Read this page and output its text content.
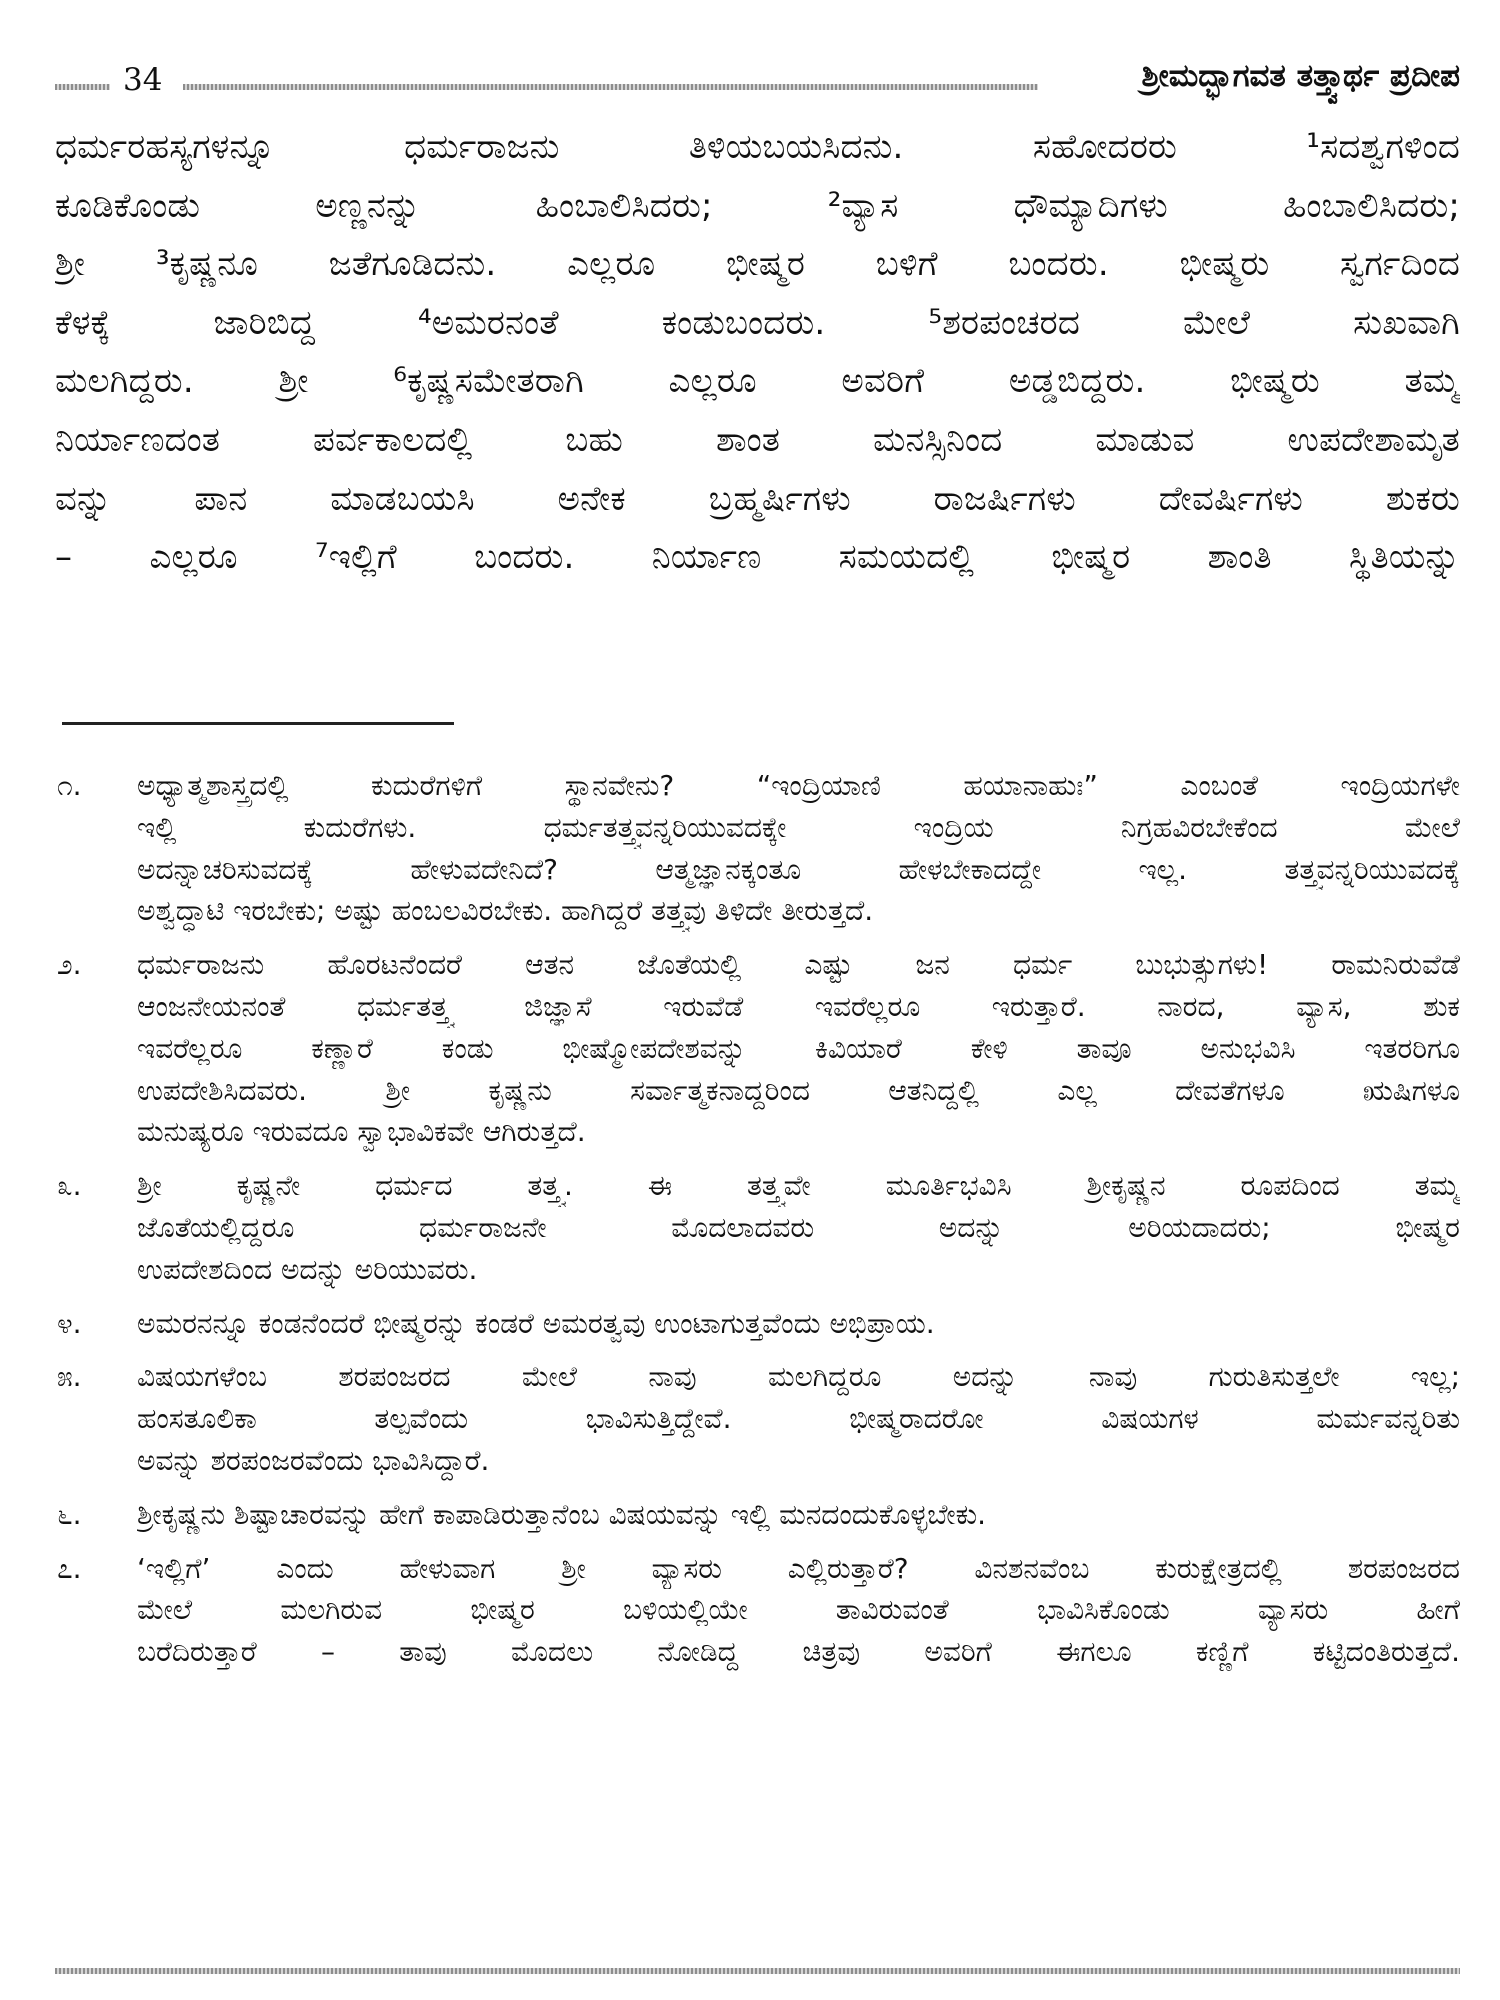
34	ಶ್ರೀಮದ್ಭಾಗವತ ತತ್ತ್ವಾರ್ಥ ಪ್ರದೀಪ
ಧರ್ಮರಹಸ್ಯಗಳನ್ನೂ ಧರ್ಮರಾಜನು ತಿಳಿಯಬಯಸಿದನು. ಸಹೋದರರು ¹ಸದಶ್ವಗಳಿಂದ
ಕೂಡಿಕೊಂಡು ಅಣ್ಣನನ್ನು ಹಿಂಬಾಲಿಸಿದರು; ²ವ್ಯಾಸ ಧೌಮ್ಯಾದಿಗಳು ಹಿಂಬಾಲಿಸಿದರು;
ಶ್ರೀ ³ಕೃಷ್ಣನೂ ಜತೆಗೂಡಿದನು. ಎಲ್ಲರೂ ಭೀಷ್ಮರ ಬಳಿಗೆ ಬಂದರು. ಭೀಷ್ಮರು ಸ್ವರ್ಗದಿಂದ
ಕೆಳಕ್ಕೆ ಜಾರಿಬಿದ್ದ ⁴ಅಮರನಂತೆ ಕಂಡುಬಂದರು. ⁵ಶರಪಂಚರದ ಮೇಲೆ ಸುಖವಾಗಿ
ಮಲಗಿದ್ದರು. ಶ್ರೀ ⁶ಕೃಷ್ಣಸಮೇತರಾಗಿ ಎಲ್ಲರೂ ಅವರಿಗೆ ಅಡ್ಡಬಿದ್ದರು. ಭೀಷ್ಮರು ತಮ್ಮ
ನಿರ್ಯಾಣದಂತ ಪರ್ವಕಾಲದಲ್ಲಿ ಬಹು ಶಾಂತ ಮನಸ್ಸಿನಿಂದ ಮಾಡುವ ಉಪದೇಶಾಮೃತ
ವನ್ನು ಪಾನ ಮಾಡಬಯಸಿ ಅನೇಕ ಬ್ರಹ್ಮರ್ಷಿಗಳು ರಾಜರ್ಷಿಗಳು ದೇವರ್ಷಿಗಳು ಶುಕರು
– ಎಲ್ಲರೂ ⁷ಇಲ್ಲಿಗೆ ಬಂದರು. ನಿರ್ಯಾಣ ಸಮಯದಲ್ಲಿ ಭೀಷ್ಮರ ಶಾಂತಿ ಸ್ಥಿತಿಯನ್ನು
೧.	ಅಧ್ಯಾತ್ಮಶಾಸ್ತ್ರದಲ್ಲಿ ಕುದುರೆಗಳಿಗೆ ಸ್ಥಾನವೇನು? “ಇಂದ್ರಿಯಾಣಿ ಹಯಾನಾಹುಃ” ಎಂಬಂತೆ ಇಂದ್ರಿಯಗಳೇ
ಇಲ್ಲಿ ಕುದುರೆಗಳು. ಧರ್ಮತತ್ತ್ವವನ್ನರಿಯುವದಕ್ಕೇ ಇಂದ್ರಿಯ ನಿಗ್ರಹವಿರಬೇಕೆಂದ ಮೇಲೆ
ಅದನ್ನಾಚರಿಸುವದಕ್ಕೆ ಹೇಳುವದೇನಿದೆ? ಆತ್ಮಜ್ಞಾನಕ್ಕಂತೂ ಹೇಳಬೇಕಾದದ್ದೇ ಇಲ್ಲ. ತತ್ತ್ವವನ್ನರಿಯುವದಕ್ಕೆ
ಅಶ್ವದ್ಧಾಟಿ ಇರಬೇಕು; ಅಷ್ಟು ಹಂಬಲವಿರಬೇಕು. ಹಾಗಿದ್ದರೆ ತತ್ತ್ವವು ತಿಳಿದೇ ತೀರುತ್ತದೆ.
೨.	ಧರ್ಮರಾಜನು ಹೊರಟನೆಂದರೆ ಆತನ ಜೊತೆಯಲ್ಲಿ ಎಷ್ಟು ಜನ ಧರ್ಮ ಬುಭುತ್ಸುಗಳು! ರಾಮನಿರುವೆಡೆ
ಆಂಜನೇಯನಂತೆ ಧರ್ಮತತ್ತ್ವ ಜಿಜ್ಞಾಸೆ ಇರುವೆಡೆ ಇವರೆಲ್ಲರೂ ಇರುತ್ತಾರೆ. ನಾರದ, ವ್ಯಾಸ, ಶುಕ
ಇವರೆಲ್ಲರೂ ಕಣ್ಣಾರೆ ಕಂಡು ಭೀಷ್ಮೋಪದೇಶವನ್ನು ಕಿವಿಯಾರೆ ಕೇಳಿ ತಾವೂ ಅನುಭವಿಸಿ ಇತರರಿಗೂ
ಉಪದೇಶಿಸಿದವರು. ಶ್ರೀ ಕೃಷ್ಣನು ಸರ್ವಾತ್ಮಕನಾದ್ದರಿಂದ ಆತನಿದ್ದಲ್ಲಿ ಎಲ್ಲ ದೇವತೆಗಳೂ ಋಷಿಗಳೂ
ಮನುಷ್ಯರೂ ಇರುವದೂ ಸ್ವಾಭಾವಿಕವೇ ಆಗಿರುತ್ತದೆ.
೩.	ಶ್ರೀ ಕೃಷ್ಣನೇ ಧರ್ಮದ ತತ್ತ್ವ. ಈ ತತ್ತ್ವವೇ ಮೂರ್ತಿಭವಿಸಿ ಶ್ರೀಕೃಷ್ಣನ ರೂಪದಿಂದ ತಮ್ಮ
ಜೊತೆಯಲ್ಲಿದ್ದರೂ ಧರ್ಮರಾಜನೇ ಮೊದಲಾದವರು ಅದನ್ನು ಅರಿಯದಾದರು; ಭೀಷ್ಮರ
ಉಪದೇಶದಿಂದ ಅದನ್ನು ಅರಿಯುವರು.
೪.	ಅಮರನನ್ನೂ ಕಂಡನೆಂದರೆ ಭೀಷ್ಮರನ್ನು ಕಂಡರೆ ಅಮರತ್ವವು ಉಂಟಾಗುತ್ತವೆಂದು ಅಭಿಪ್ರಾಯ.
೫.	ವಿಷಯಗಳೆಂಬ ಶರಪಂಜರದ ಮೇಲೆ ನಾವು ಮಲಗಿದ್ದರೂ ಅದನ್ನು ನಾವು ಗುರುತಿಸುತ್ತಲೇ ಇಲ್ಲ;
ಹಂಸತೂಲಿಕಾ ತಲ್ಪವೆಂದು ಭಾವಿಸುತ್ತಿದ್ದೇವೆ. ಭೀಷ್ಮರಾದರೋ ವಿಷಯಗಳ ಮರ್ಮವನ್ನರಿತು
ಅವನ್ನು ಶರಪಂಜರವೆಂದು ಭಾವಿಸಿದ್ದಾರೆ.
೬.	ಶ್ರೀಕೃಷ್ಣನು ಶಿಷ್ಟಾಚಾರವನ್ನು ಹೇಗೆ ಕಾಪಾಡಿರುತ್ತಾನೆಂಬ ವಿಷಯವನ್ನು ಇಲ್ಲಿ ಮನದಂದುಕೊಳ್ಳಬೇಕು.
೭.	‘ಇಲ್ಲಿಗೆ’ ಎಂದು ಹೇಳುವಾಗ ಶ್ರೀ ವ್ಯಾಸರು ಎಲ್ಲಿರುತ್ತಾರೆ? ವಿನಶನವೆಂಬ ಕುರುಕ್ಷೇತ್ರದಲ್ಲಿ ಶರಪಂಜರದ
ಮೇಲೆ ಮಲಗಿರುವ ಭೀಷ್ಮರ ಬಳಿಯಲ್ಲಿಯೇ ತಾವಿರುವಂತೆ ಭಾವಿಸಿಕೊಂಡು ವ್ಯಾಸರು ಹೀಗೆ
ಬರೆದಿರುತ್ತಾರೆ – ತಾವು ಮೊದಲು ನೋಡಿದ್ದ ಚಿತ್ರವು ಅವರಿಗೆ ಈಗಲೂ ಕಣ್ಣಿಗೆ ಕಟ್ಟಿದಂತಿರುತ್ತದೆ.
